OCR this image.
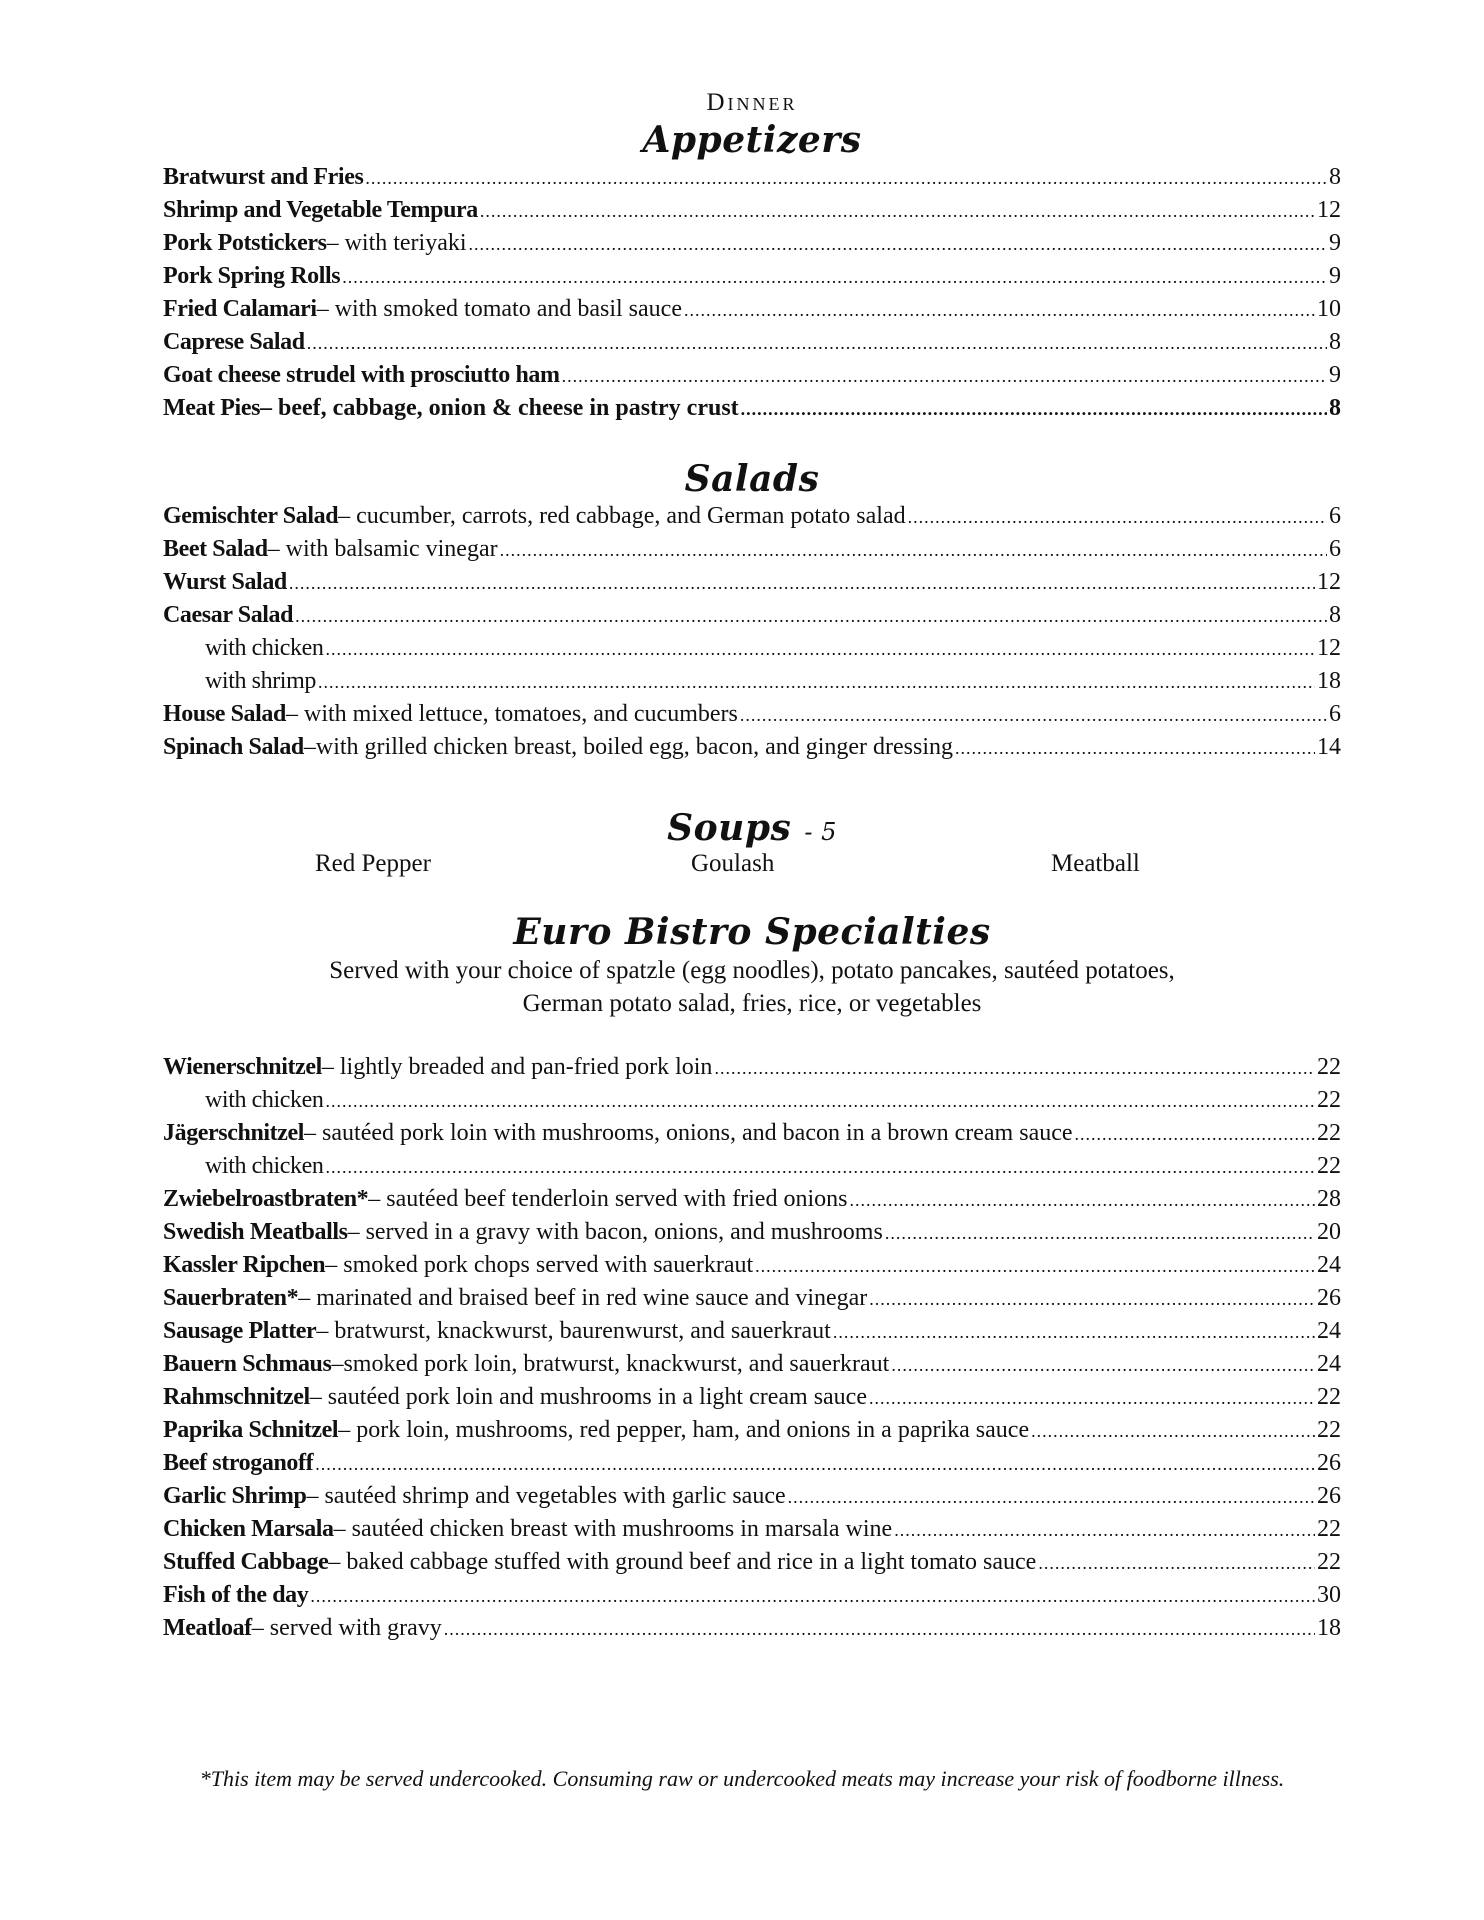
Dinner
Appetizers
Bratwurst and Fries .....	8
Shrimp and Vegetable Tempura .....	12
Pork Potstickers – with teriyaki .....	9
Pork Spring Rolls .....	9
Fried Calamari – with smoked tomato and basil sauce .....	10
Caprese Salad .....	8
Goat cheese strudel with prosciutto ham .....	9
Meat Pies – beef, cabbage, onion & cheese in pastry crust .....	8
Salads
Gemischter Salad – cucumber, carrots, red cabbage, and German potato salad .....	6
Beet Salad – with balsamic vinegar .....	6
Wurst Salad .....	12
Caesar Salad .....	8
with chicken .....	12
with shrimp .....	18
House Salad – with mixed lettuce, tomatoes, and cucumbers .....	6
Spinach Salad –with grilled chicken breast, boiled egg, bacon, and ginger dressing .....	14
Soups - 5
Red Pepper	Goulash	Meatball
Euro Bistro Specialties
Served with your choice of spatzle (egg noodles), potato pancakes, sautéed potatoes,
German potato salad, fries, rice, or vegetables
Wienerschnitzel – lightly breaded and pan-fried pork loin .....	22
with chicken .....	22
Jägerschnitzel – sautéed pork loin with mushrooms, onions, and bacon in a brown cream sauce .....	22
with chicken .....	22
Zwiebelroastbraten* – sautéed beef tenderloin served with fried onions .....	28
Swedish Meatballs – served in a gravy with bacon, onions, and mushrooms .....	20
Kassler Ripchen – smoked pork chops served with sauerkraut .....	24
Sauerbraten* – marinated and braised beef in red wine sauce and vinegar .....	26
Sausage Platter – bratwurst, knackwurst, baurenwurst, and sauerkraut .....	24
Bauern Schmaus –smoked pork loin, bratwurst, knackwurst, and sauerkraut .....	24
Rahmschnitzel – sautéed pork loin and mushrooms in a light cream sauce .....	22
Paprika Schnitzel – pork loin, mushrooms, red pepper, ham, and onions in a paprika sauce .....	22
Beef stroganoff .....	26
Garlic Shrimp – sautéed shrimp and vegetables with garlic sauce .....	26
Chicken Marsala – sautéed chicken breast with mushrooms in marsala wine .....	22
Stuffed Cabbage – baked cabbage stuffed with ground beef and rice in a light tomato sauce .....	22
Fish of the day .....	30
Meatloaf – served with gravy .....	18
*This item may be served undercooked. Consuming raw or undercooked meats may increase your risk of foodborne illness.
